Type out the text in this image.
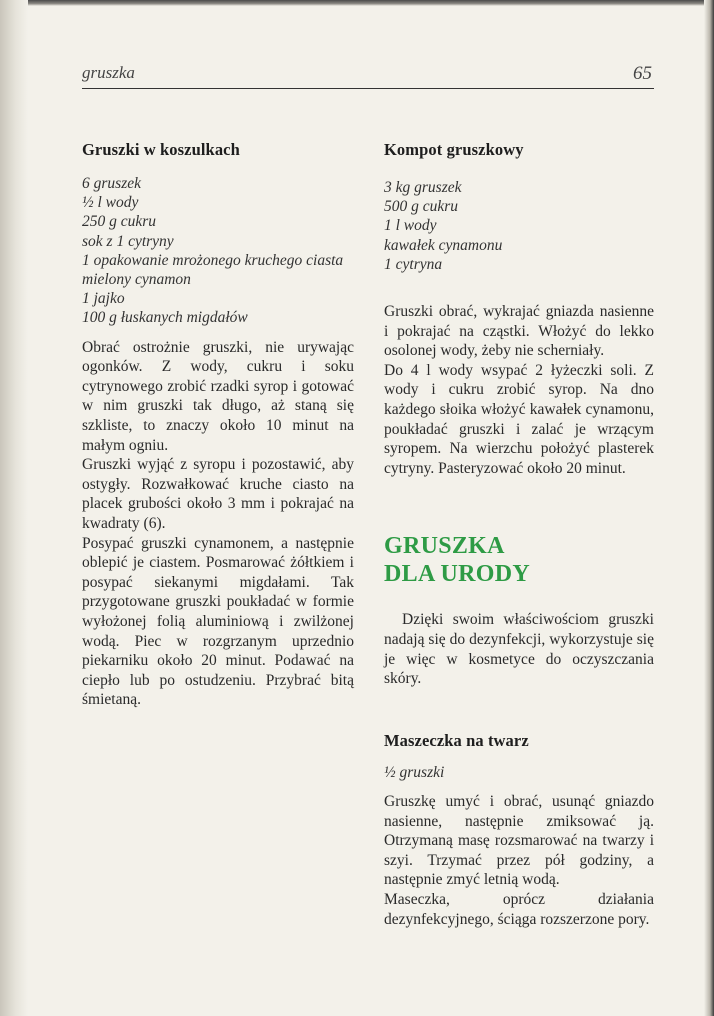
gruszka	65
Gruszki w koszulkach
6 gruszek
½ l wody
250 g cukru
sok z 1 cytryny
1 opakowanie mrożonego kruchego ciasta
mielony cynamon
1 jajko
100 g łuskanych migdałów

Obrać ostrożnie gruszki, nie urywając ogonków. Z wody, cukru i soku cytrynowego zrobić rzadki syrop i gotować w nim gruszki tak długo, aż staną się szkliste, to znaczy około 10 minut na małym ogniu.

Gruszki wyjąć z syropu i pozostawić, aby ostygły. Rozwałkować kruche ciasto na placek grubości około 3 mm i pokrajać na kwadraty (6).

Posypać gruszki cynamonem, a następnie oblepić je ciastem. Posmarować żółtkiem i posypać siekanymi migdałami. Tak przygotowane gruszki poukładać w formie wyłożonej folią aluminiową i zwilżonej wodą. Piec w rozgrzanym uprzednio piekarniku około 20 minut. Podawać na ciepło lub po ostudzeniu. Przybrać bitą śmietaną.

Kompot gruszkowy
3 kg gruszek
500 g cukru
1 l wody
kawałek cynamonu
1 cytryna

Gruszki obrać, wykrajać gniazda nasienne i pokrajać na cząstki. Włożyć do lekko osolonej wody, żeby nie scherniały.

Do 4 l wody wsypać 2 łyżeczki soli. Z wody i cukru zrobić syrop. Na dno każdego słoika włożyć kawałek cynamonu, poukładać gruszki i zalać je wrzącym syropem. Na wierzchu położyć plasterek cytryny. Pasteryzować około 20 minut.

GRUSZKA
DLA URODY

Dzięki swoim właściwościom gruszki nadają się do dezynfekcji, wykorzystuje się je więc w kosmetyce do oczyszczania skóry.

Maszeczka na twarz
½ gruszki

Gruszkę umyć i obrać, usunąć gniazdo nasienne, następnie zmiksować ją. Otrzymaną masę rozsmarować na twarzy i szyi. Trzymać przez pół godziny, a następnie zmyć letnią wodą.

Maseczka, oprócz działania dezynfekcyjnego, ściąga rozszerzone pory.
